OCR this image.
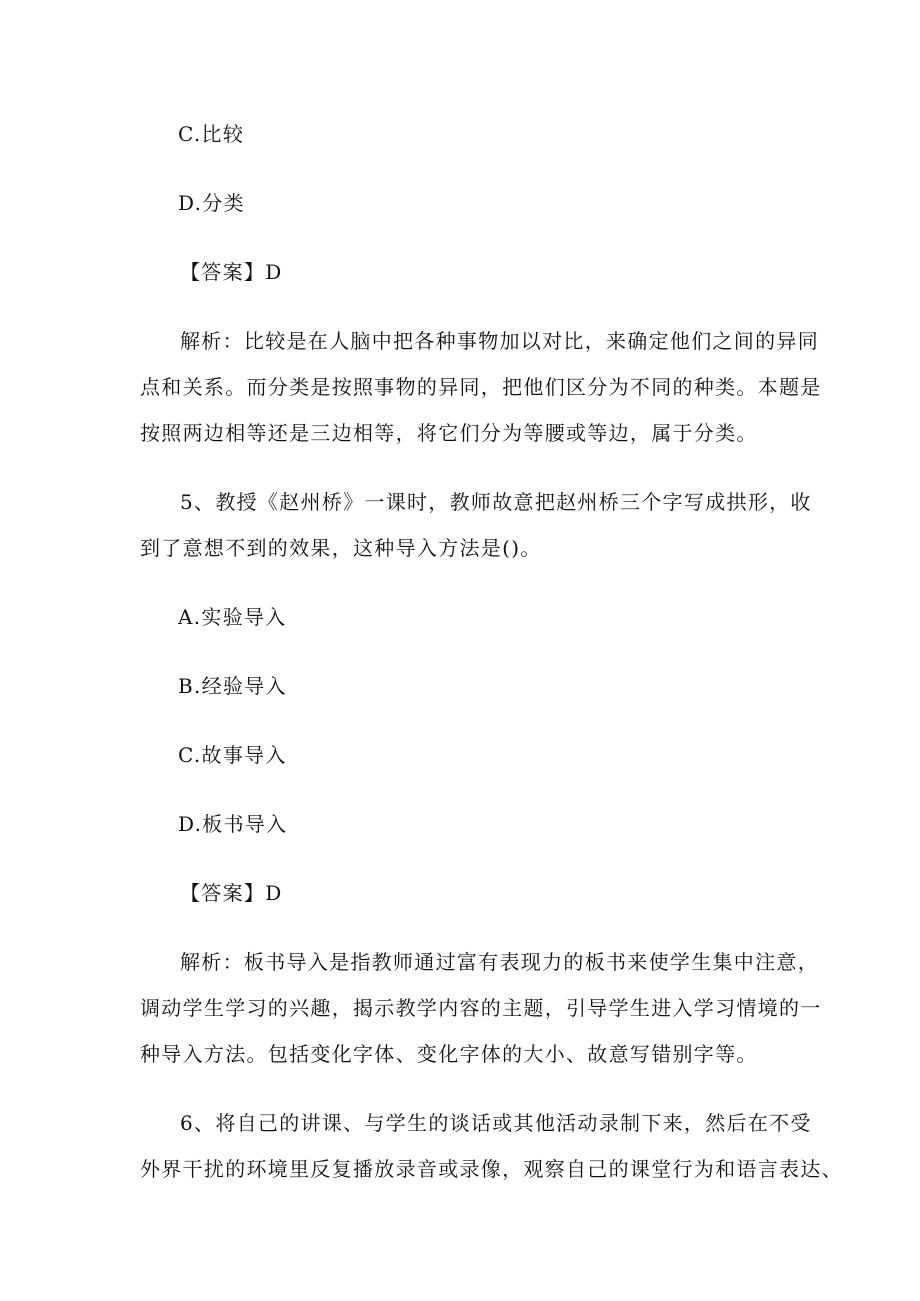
C.比较
D.分类
【答案】D
解析：比较是在人脑中把各种事物加以对比，来确定他们之间的异同
点和关系。而分类是按照事物的异同，把他们区分为不同的种类。本题是
按照两边相等还是三边相等，将它们分为等腰或等边，属于分类。
5、教授《赵州桥》一课时，教师故意把赵州桥三个字写成拱形，收
到了意想不到的效果，这种导入方法是()。
A.实验导入
B.经验导入
C.故事导入
D.板书导入
【答案】D
解析：板书导入是指教师通过富有表现力的板书来使学生集中注意，
调动学生学习的兴趣，揭示教学内容的主题，引导学生进入学习情境的一
种导入方法。包括变化字体、变化字体的大小、故意写错别字等。
6、将自己的讲课、与学生的谈话或其他活动录制下来，然后在不受
外界干扰的环境里反复播放录音或录像，观察自己的课堂行为和语言表达、
